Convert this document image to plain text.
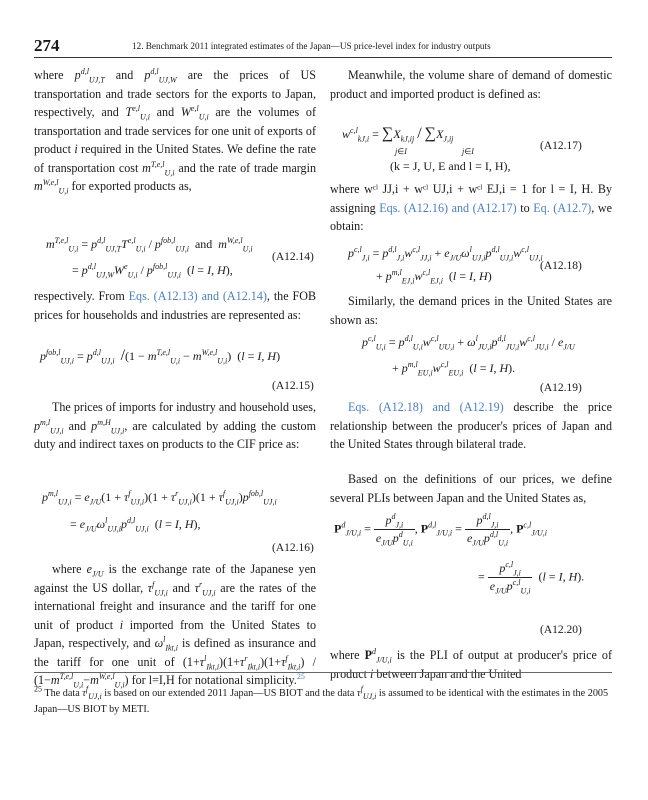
274	12. Benchmark 2011 integrated estimates of the Japan—US price-level index for industry outputs

where $p^{d,l}_{UJ,T}$ and $p^{d,l}_{UJ,W}$ are the prices of US transportation and trade sectors for the exports to Japan, respectively, and T$^{e,l}_{U,i}$ and W$^{e,l}_{U,i}$ are the volumes of transportation and trade services for one unit of exports of product i required in the United States. We define the rate of transportation cost $m^{T,e,l}_{U,i}$ and the rate of trade margin $m^{W,e,l}_{U,i}$ for exported products as,

$m^{T,e,l}_{U,i} = p^{d,l}_{UJ,T}T^{e,l}_{U,i} / p^{fob,l}_{UJ,i}$  and  $m^{W,e,l}_{U,i}$
= $p^{d,l}_{UJ,W}W^e_{U,i} / p^{fob,l}_{UJ,i}$  (l = I, H),
(A12.14)

respectively. From Eqs. (A12.13) and (A12.14), the FOB prices for households and industries are represented as:

$p^{fob,l}_{UJ,i} = p^{d,l}_{UJ,i}$ $/(1 - m^{T,e,l}_{U,i} - m^{W,e,l}_{U,i})$  (l = I, H)
(A12.15)

The prices of imports for industry and household uses, $p^{m,l}_{UJ,i}$ and $p^{m,H}_{UJ,i}$, are calculated by adding the custom duty and indirect taxes on products to the CIF price as:

$p^{m,l}_{UJ,i} = e_{J/U}(1 + \tau^f_{UJ,i})(1 + \tau^r_{UJ,i})(1 + \tau^f_{UJ,i})p^{fob,l}_{UJ,i}$
= $e_{J/U}\omega^l_{UJ,i}p^{d,l}_{UJ,i}$  (l = I, H),
(A12.16)

where $e_{J/U}$ is the exchange rate of the Japanese yen against the US dollar, $\tau^f_{UJ,i}$ and $\tau^r_{UJ,i}$ are the rates of the international freight and insurance and the tariff for one unit of product i imported from the United States to Japan, respectively, and $\omega^l_{Ikt,i}$ is defined as insurance and the tariff for one unit of $(1+\tau^l_{Ikt,i})(1+\tau^r_{Ikt,i})(1+\tau^f_{Ikt,i}) / (1-m^{T,e,l}_{U,i}-m^{W,e,l}_{U,i})$ for l=I,H for notational simplicity.$^{25}$

Meanwhile, the volume share of demand of domestic product and imported product is defined as:
$w^{c,l}_{kJ,i} = \sum X_{kJ,ij} / \sum X_{J,ij}$
j∈I	j∈I
(k = J, U, E and l = I, H),
(A12.17)

where wᶜˡ JJ,i + wᶜˡ UJ,i + wᶜˡ EJ,i = 1 for l = I, H. By assigning Eqs. (A12.16) and (A12.17) to Eq. (A12.7), we obtain:

$p^{c,l}_{J,i} = p^{d,l}_{J,i}w^{c,l}_{JJ,i} + e_{J/U}\omega^l_{UJ,i}p^{d,l}_{UJ,i}w^{c,l}_{UJ,i}$
+ $p^{m,l}_{EJ,i}w^{c,l}_{EJ,i}$  (l = I, H)
(A12.18)
Similarly, the demand prices in the United States are shown as:
$p^{c,l}_{U,i} = p^{d,l}_{U,i}w^{c,l}_{UU,i} + \omega^l_{JU,i}p^{d,l}_{JU,i}w^{c,l}_{JU,i} / e_{J/U}$
+ $p^{m,l}_{EU,i}w^{c,l}_{EU,i}$  (l = I, H).
(A12.19)

Eqs. (A12.18) and (A12.19) describe the price relationship between the producer's prices of Japan and the United States through bilateral trade.

Based on the definitions of our prices, we define several PLIs between Japan and the United States as,
$P^d_{J/U,i} = \frac{p^d_{J,i}}{e_{J/U}p^d_{U,i}}$ , $P^{d,l}_{J/U,i} = \frac{p^{d,l}_{J,i}}{e_{J/U}p^{d,l}_{U,i}}$ , P$^{c,l}_{J/U,i}$
= $\frac{p^{c,l}_{J,i}}{e_{J/U}p^{c,l}_{U,i}} (l = I$, H).
(A12.20)

where $P^d_{J/U,i}$ is the PLI of output at producer's price of product i between Japan and the United

$^{25}$ The data $\tau^f_{UJ,i}$ is based on our extended 2011 Japan—US BIOT and the data $\tau^f_{UJ,i}$ is assumed to be identical with the estimates in the 2005 Japan—US BIOT by METI.
